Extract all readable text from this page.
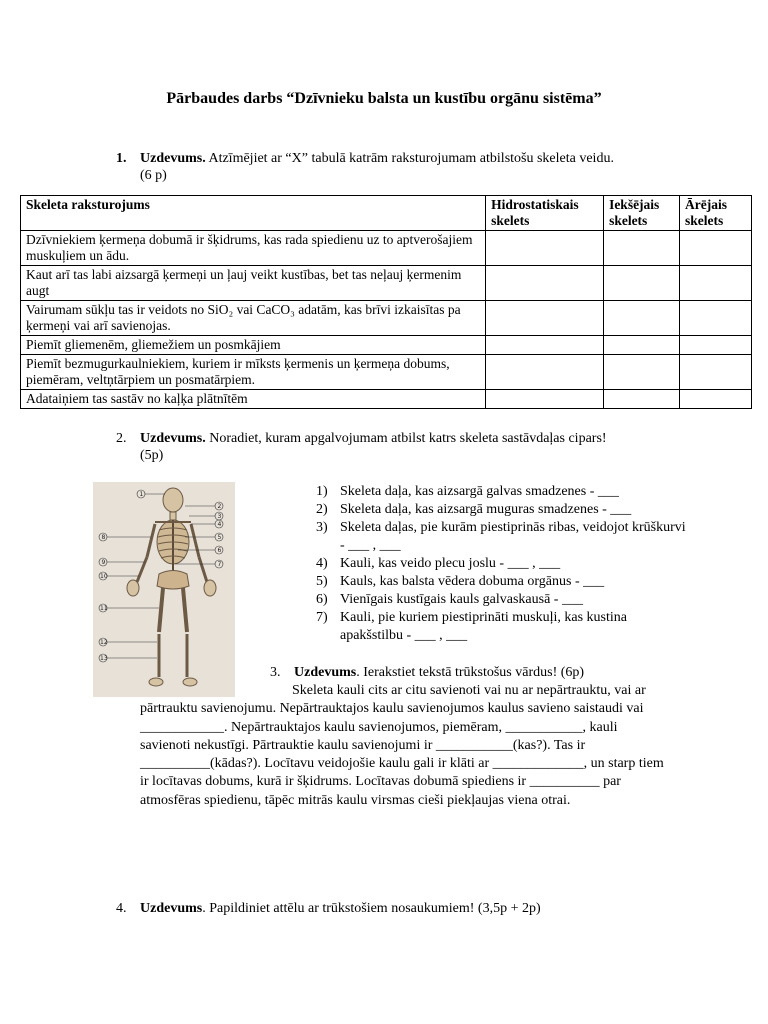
Pārbaudes darbs “Dzīvnieku balsta un kustību orgānu sistēma”
1. Uzdevums. Atzīmējiet ar “X” tabulā katrām raksturojumam atbilstošu skeleta veidu.
(6 p)
Skeleta raksturojums	Hidrostatiskais skelets	Iekšējais skelets	Ārējais skelets
Dzīvniekiem ķermeņa dobumā ir šķidrums, kas rada spiedienu uz to aptverošajiem muskuļiem un ādu.			
Kaut arī tas labi aizsargā ķermeņi un ļauj veikt kustības, bet tas neļauj ķermenim augt			
Vairumam sūkļu tas ir veidots no SiO₂ vai CaCO₃ adatām, kas brīvi izkaisītas pa ķermeņi vai arī savienojas.			
Piemīt gliemenēm, gliemežiem un posmkājiem			
Piemīt bezmugurkaulniekiem, kuriem ir mīksts ķermenis un ķermeņa dobums, piemēram, veltņtārpiem un posmatārpiem.			
Adataiņiem tas sastāv no kaļķa plātnītēm			
2. Uzdevums. Noradiet, kuram apgalvojumam atbilst katrs skeleta sastāvdaļas cipars!
(5p)
1
2
3
4
5
6
7
8
9
10
11
12
13
1) Skeleta daļa, kas aizsargā galvas smadzenes - ___
2) Skeleta daļa, kas aizsargā muguras smadzenes - ___
3) Skeleta daļas, pie kurām piestiprinās ribas, veidojot krūškurvi - ___ , ___
4) Kauli, kas veido plecu joslu - ___ , ___
5) Kauls, kas balsta vēdera dobuma orgānus - ___
6) Vienīgais kustīgais kauls galvaskausā - ___
7) Kauli, pie kuriem piestiprināti muskuļi, kas kustina apakšstilbu - ___ , ___
3. Uzdevums. Ierakstiet tekstā trūkstošus vārdus! (6p)
Skeleta kauli cits ar citu savienoti vai nu ar nepārtrauktu, vai ar pārtrauktu savienojumu. Nepārtrauktajos kaulu savienojumos kaulus savieno saistaudi vai ____________. Nepārtrauktajos kaulu savienojumos, piemēram, ___________, kauli savienoti nekustīgi. Pārtrauktie kaulu savienojumi ir ___________(kas?). Tas ir __________(kādas?). Locītavu veidojošie kaulu gali ir klāti ar _____________, un starp tiem ir locītavas dobums, kurā ir šķidrums. Locītavas dobumā spiediens ir __________ par atmosfēras spiedienu, tāpēc mitrās kaulu virsmas cieši piekļaujas viena otrai.
4. Uzdevums. Papildiniet attēlu ar trūkstošiem nosaukumiem! (3,5p + 2p)
